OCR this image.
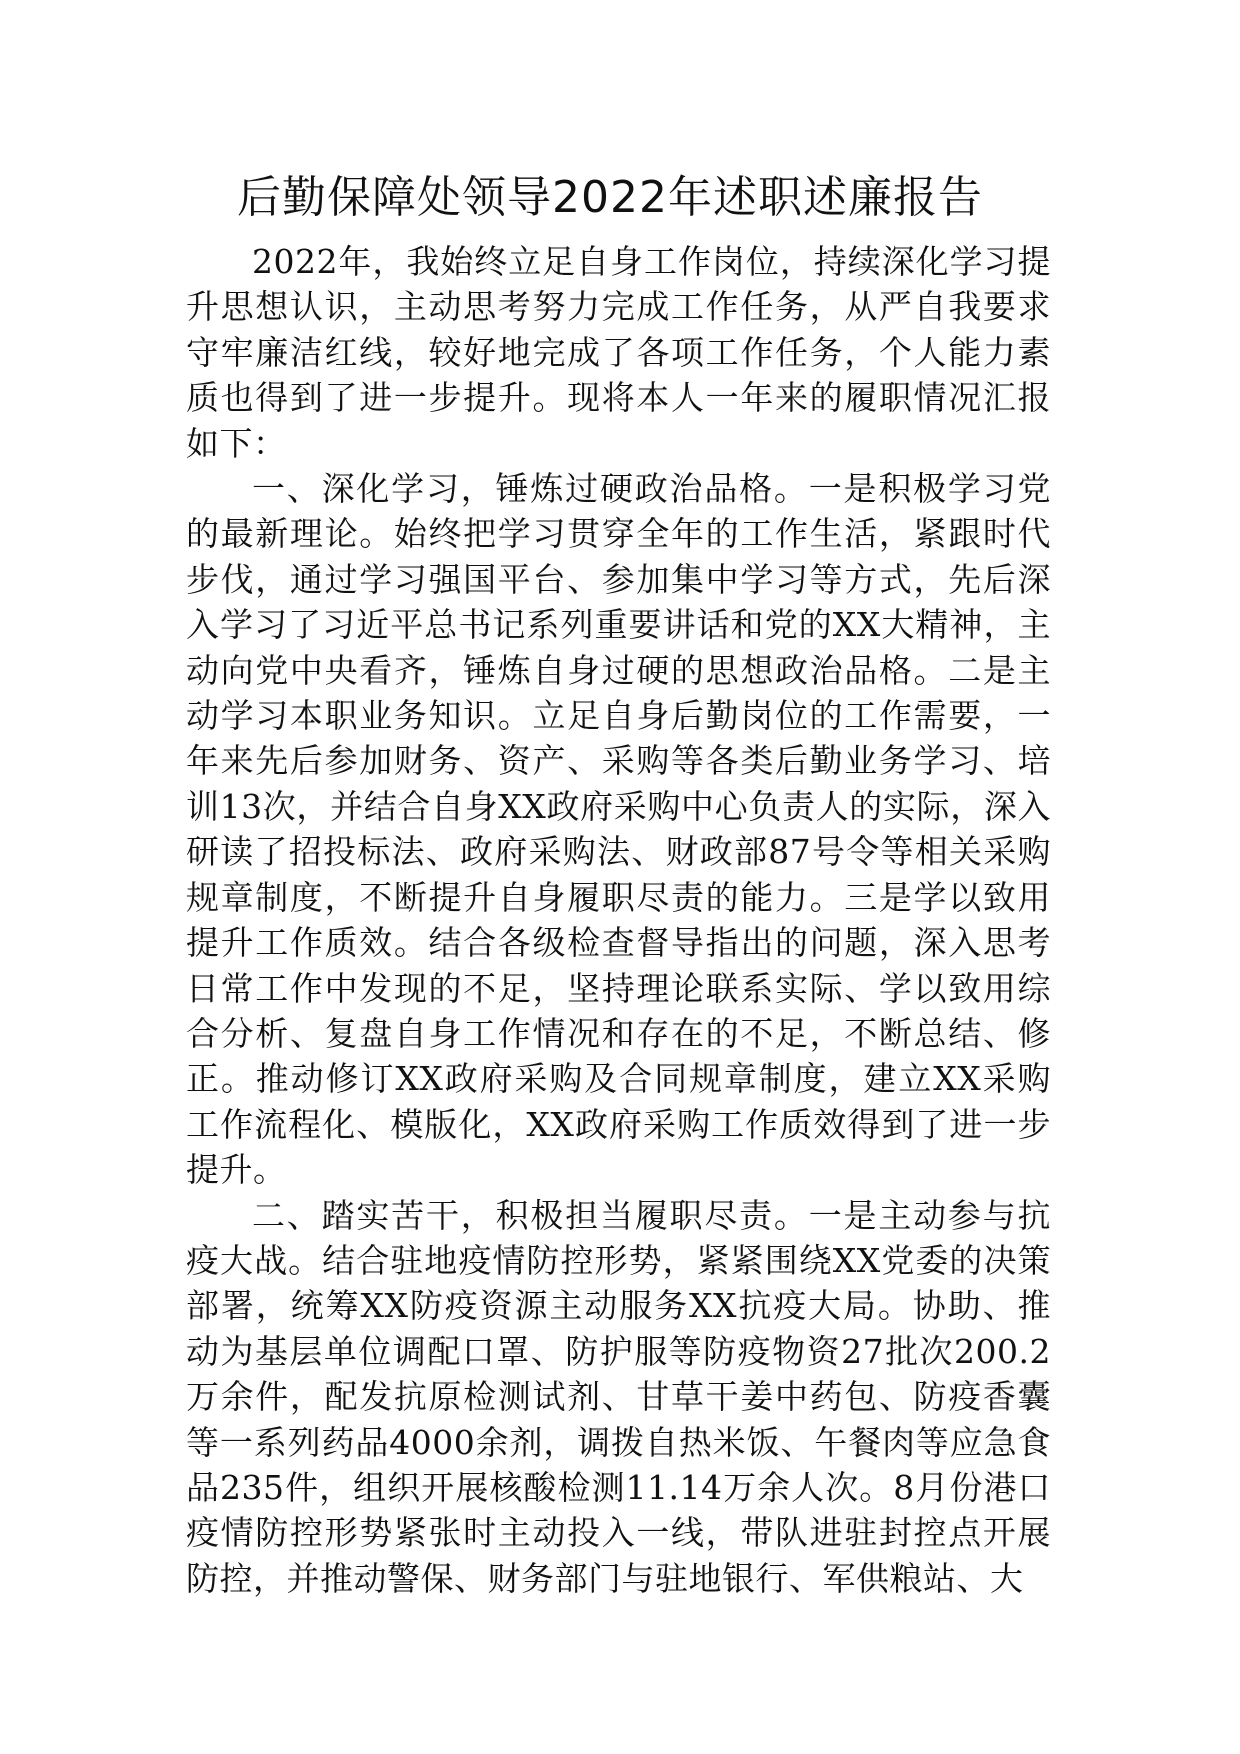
后勤保障处领导2022年述职述廉报告

2022年，我始终立足自身工作岗位，持续深化学习提升思想认识，主动思考努力完成工作任务，从严自我要求守牢廉洁红线，较好地完成了各项工作任务，个人能力素质也得到了进一步提升。现将本人一年来的履职情况汇报如下：

一、深化学习，锤炼过硬政治品格。一是积极学习党的最新理论。始终把学习贯穿全年的工作生活，紧跟时代步伐，通过学习强国平台、参加集中学习等方式，先后深入学习了习近平总书记系列重要讲话和党的XX大精神，主动向党中央看齐，锤炼自身过硬的思想政治品格。二是主动学习本职业务知识。立足自身后勤岗位的工作需要，一年来先后参加财务、资产、采购等各类后勤业务学习、培训13次，并结合自身XX政府采购中心负责人的实际，深入研读了招投标法、政府采购法、财政部87号令等相关采购规章制度，不断提升自身履职尽责的能力。三是学以致用提升工作质效。结合各级检查督导指出的问题，深入思考日常工作中发现的不足，坚持理论联系实际、学以致用综合分析、复盘自身工作情况和存在的不足，不断总结、修正。推动修订XX政府采购及合同规章制度，建立XX采购工作流程化、模版化，XX政府采购工作质效得到了进一步提升。

二、踏实苦干，积极担当履职尽责。一是主动参与抗疫大战。结合驻地疫情防控形势，紧紧围绕XX党委的决策部署，统筹XX防疫资源主动服务XX抗疫大局。协助、推动为基层单位调配口罩、防护服等防疫物资27批次200.2万余件，配发抗原检测试剂、甘草干姜中药包、防疫香囊等一系列药品4000余剂，调拨自热米饭、午餐肉等应急食品235件，组织开展核酸检测11.14万余人次。8月份港口疫情防控形势紧张时主动投入一线，带队进驻封控点开展防控，并推动警保、财务部门与驻地银行、军供粮站、大
